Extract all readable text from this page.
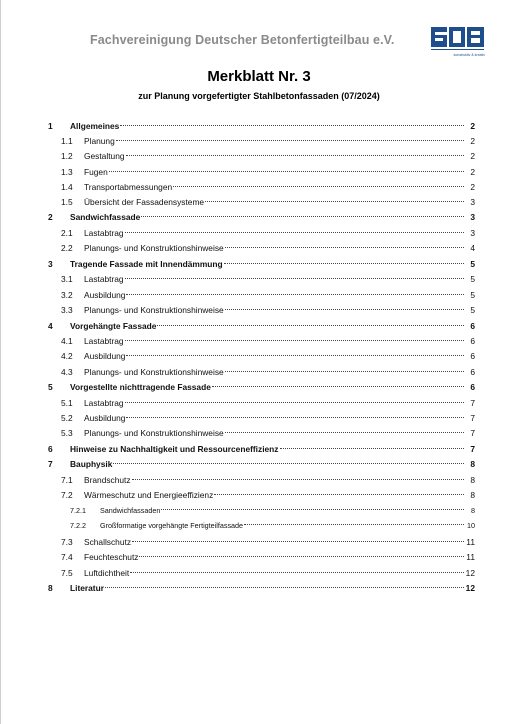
Fachvereinigung Deutscher Betonfertigteilbau e.V.
konstruktiv & kreativ
Merkblatt Nr. 3
zur Planung vorgefertigter Stahlbetonfassaden (07/2024)
1	Allgemeines	2
1.1	Planung	2
1.2	Gestaltung	2
1.3	Fugen	2
1.4	Transportabmessungen	2
1.5	Übersicht der Fassadensysteme	3
2	Sandwichfassade	3
2.1	Lastabtrag	3
2.2	Planungs- und Konstruktionshinweise	4
3	Tragende Fassade mit Innendämmung	5
3.1	Lastabtrag	5
3.2	Ausbildung	5
3.3	Planungs- und Konstruktionshinweise	5
4	Vorgehängte Fassade	6
4.1	Lastabtrag	6
4.2	Ausbildung	6
4.3	Planungs- und Konstruktionshinweise	6
5	Vorgestellte nichttragende Fassade	6
5.1	Lastabtrag	7
5.2	Ausbildung	7
5.3	Planungs- und Konstruktionshinweise	7
6	Hinweise zu Nachhaltigkeit und Ressourceneffizienz	7
7	Bauphysik	8
7.1	Brandschutz	8
7.2	Wärmeschutz und Energieeffizienz	8
7.2.1	Sandwichfassaden	8
7.2.2	Großformatige vorgehängte Fertigteilfassade	10
7.3	Schallschutz	11
7.4	Feuchteschutz	11
7.5	Luftdichtheit	12
8	Literatur	12
